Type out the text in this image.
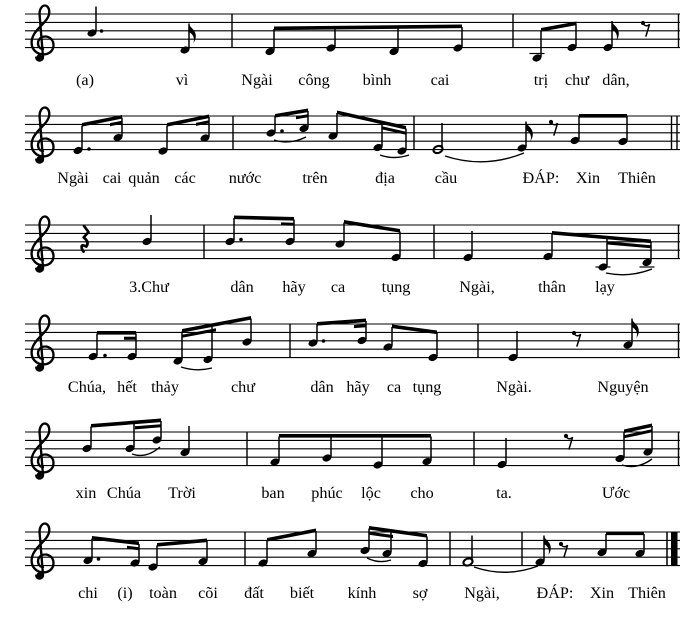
(a)	vì	Ngài công bình cai	trị chư dân,
Ngài cai quản các nước	trên	địa cầu	ĐÁP: Xin Thiên
3.Chư	dân hãy ca tụng	Ngài,	thân lạy
Chúa, hết thảy	chư	dân hãy ca tụng	Ngài.	Nguyện
xin Chúa Trời	ban phúc lộc cho	ta.	Ước
chi (i) toàn cõi đất biết kính sợ Ngài, ĐÁP: Xin Thiên
